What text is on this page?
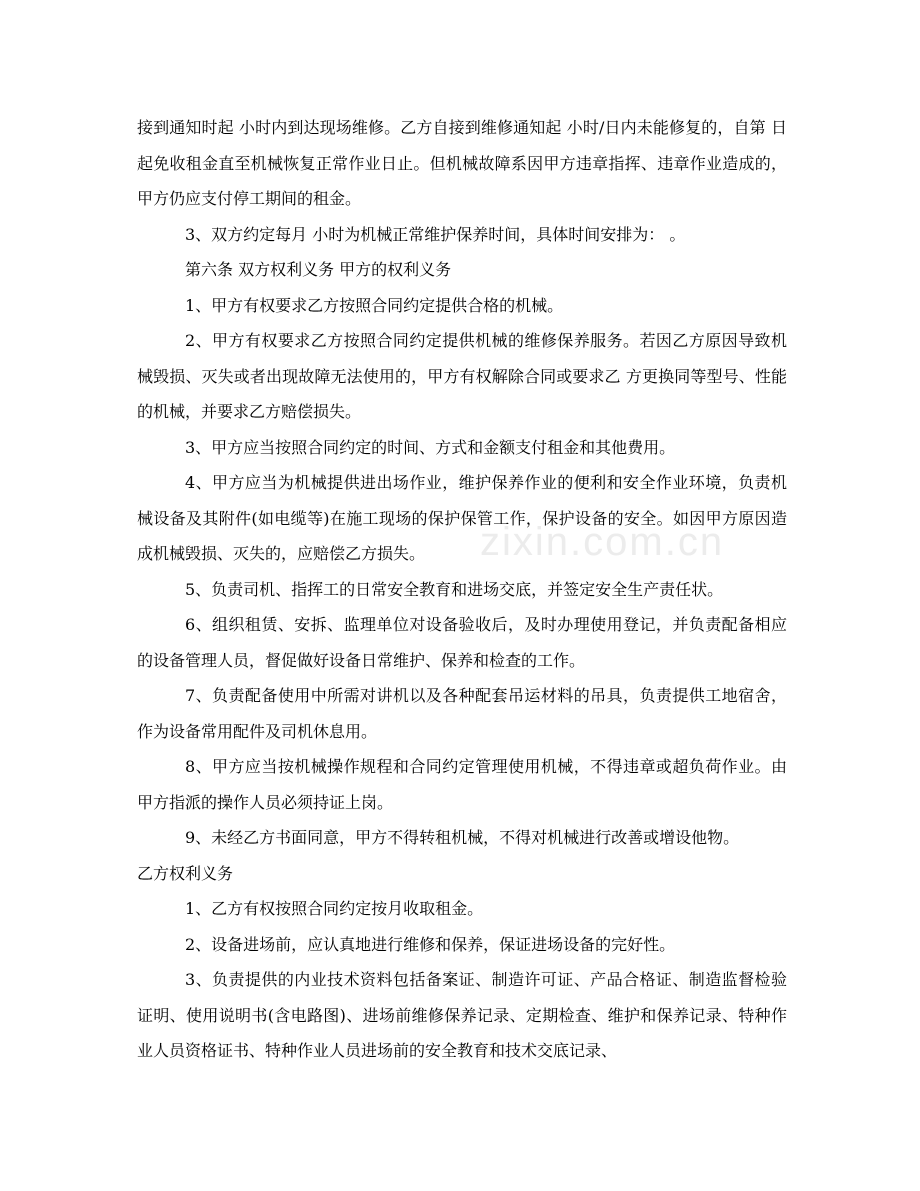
zixin.com.cn

接到通知时起 小时内到达现场维修。乙方自接到维修通知起 小时/日内未能修复的，自第 日起免收租金直至机械恢复正常作业日止。但机械故障系因甲方违章指挥、违章作业造成的，甲方仍应支付停工期间的租金。

3、双方约定每月 小时为机械正常维护保养时间，具体时间安排为： 。

第六条 双方权利义务 甲方的权利义务

1、甲方有权要求乙方按照合同约定提供合格的机械。

2、甲方有权要求乙方按照合同约定提供机械的维修保养服务。若因乙方原因导致机械毁损、灭失或者出现故障无法使用的，甲方有权解除合同或要求乙 方更换同等型号、性能的机械，并要求乙方赔偿损失。

3、甲方应当按照合同约定的时间、方式和金额支付租金和其他费用。

4、甲方应当为机械提供进出场作业，维护保养作业的便利和安全作业环境，负责机械设备及其附件(如电缆等)在施工现场的保护保管工作，保护设备的安全。如因甲方原因造成机械毁损、灭失的，应赔偿乙方损失。

5、负责司机、指挥工的日常安全教育和进场交底，并签定安全生产责任状。

6、组织租赁、安拆、监理单位对设备验收后，及时办理使用登记，并负责配备相应的设备管理人员，督促做好设备日常维护、保养和检查的工作。

7、负责配备使用中所需对讲机以及各种配套吊运材料的吊具，负责提供工地宿舍，作为设备常用配件及司机休息用。

8、甲方应当按机械操作规程和合同约定管理使用机械，不得违章或超负荷作业。由甲方指派的操作人员必须持证上岗。

9、未经乙方书面同意，甲方不得转租机械，不得对机械进行改善或增设他物。

乙方权利义务

1、乙方有权按照合同约定按月收取租金。

2、设备进场前，应认真地进行维修和保养，保证进场设备的完好性。

3、负责提供的内业技术资料包括备案证、制造许可证、产品合格证、制造监督检验证明、使用说明书(含电路图)、进场前维修保养记录、定期检查、维护和保养记录、特种作业人员资格证书、特种作业人员进场前的安全教育和技术交底记录、
